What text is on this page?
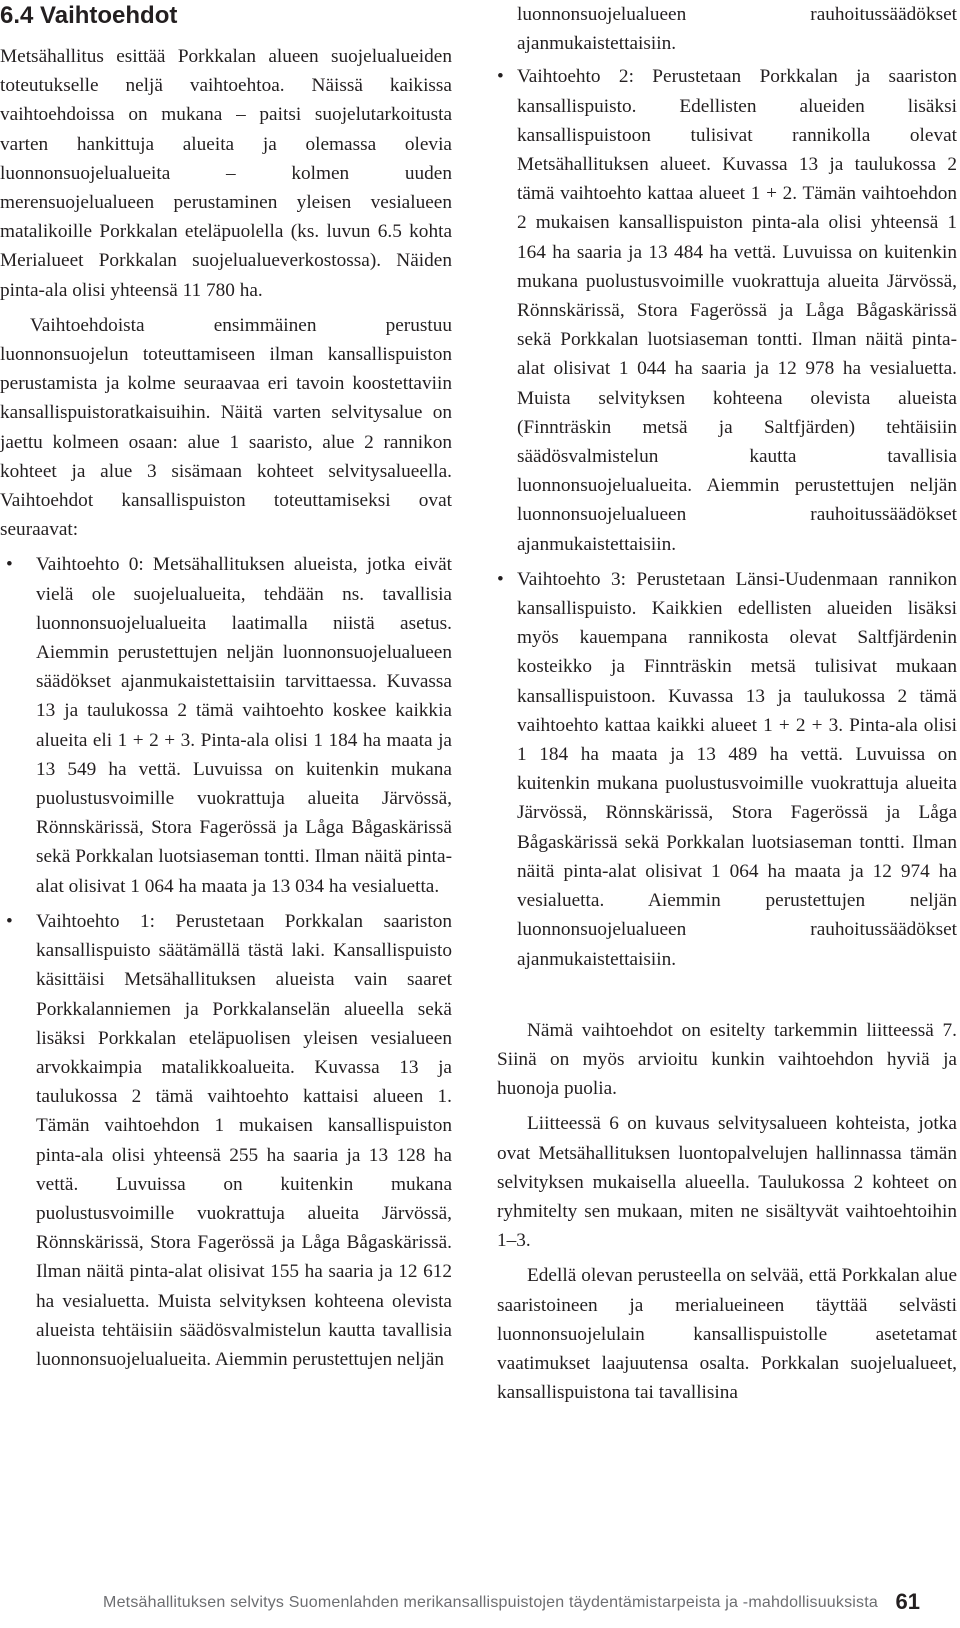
6.4 Vaihtoehdot

Metsähallitus esittää Porkkalan alueen suojelualueiden toteutukselle neljä vaihtoehtoa. Näissä kaikissa vaihtoehdoissa on mukana – paitsi suojelutarkoitusta varten hankittuja alueita ja olemassa olevia luonnonsuojelualueita – kolmen uuden merensuojelualueen perustaminen yleisen vesialueen matalikoille Porkkalan eteläpuolella (ks. luvun 6.5 kohta Merialueet Porkkalan suojelualueverkostossa). Näiden pinta-ala olisi yhteensä 11 780 ha.

Vaihtoehdoista ensimmäinen perustuu luonnonsuojelun toteuttamiseen ilman kansallispuiston perustamista ja kolme seuraavaa eri tavoin koostettaviin kansallispuistoratkaisuihin. Näitä varten selvitysalue on jaettu kolmeen osaan: alue 1 saaristo, alue 2 rannikon kohteet ja alue 3 sisämaan kohteet selvitysalueella. Vaihtoehdot kansallispuiston toteuttamiseksi ovat seuraavat:

• Vaihtoehto 0: Metsähallituksen alueista, jotka eivät vielä ole suojelualueita, tehdään ns. tavallisia luonnonsuojelualueita laatimalla niistä asetus. Aiemmin perustettujen neljän luonnonsuojelualueen säädökset ajanmukaistettaisiin tarvittaessa. Kuvassa 13 ja taulukossa 2 tämä vaihtoehto koskee kaikkia alueita eli 1 + 2 + 3. Pinta-ala olisi 1 184 ha maata ja 13 549 ha vettä. Luvuissa on kuitenkin mukana puolustusvoimille vuokrattuja alueita Järvössä, Rönnskärissä, Stora Fagerössä ja Låga Bågaskärissä sekä Porkkalan luotsiaseman tontti. Ilman näitä pinta-alat olisivat 1 064 ha maata ja 13 034 ha vesialuetta.
• Vaihtoehto 1: Perustetaan Porkkalan saariston kansallispuisto säätämällä tästä laki. Kansallispuisto käsittäisi Metsähallituksen alueista vain saaret Porkkalanniemen ja Porkkalanselän alueella sekä lisäksi Porkkalan eteläpuolisen yleisen vesialueen arvokkaimpia matalikkoalueita. Kuvassa 13 ja taulukossa 2 tämä vaihtoehto kattaisi alueen 1. Tämän vaihtoehdon 1 mukaisen kansallispuiston pinta-ala olisi yhteensä 255 ha saaria ja 13 128 ha vettä. Luvuissa on kuitenkin mukana puolustusvoimille vuokrattuja alueita Järvössä, Rönnskärissä, Stora Fagerössä ja Låga Bågaskärissä. Ilman näitä pinta-alat olisivat 155 ha saaria ja 12 612 ha vesialuetta. Muista selvityksen kohteena olevista alueista tehtäisiin säädösvalmistelun kautta tavallisia luonnonsuojelualueita. Aiemmin perustettujen neljän
luonnonsuojelualueen rauhoitussäädökset ajanmukaistettaisiin.
• Vaihtoehto 2: Perustetaan Porkkalan ja saariston kansallispuisto. Edellisten alueiden lisäksi kansallispuistoon tulisivat rannikolla olevat Metsähallituksen alueet. Kuvassa 13 ja taulukossa 2 tämä vaihtoehto kattaa alueet 1 + 2. Tämän vaihtoehdon 2 mukaisen kansallispuiston pinta-ala olisi yhteensä 1 164 ha saaria ja 13 484 ha vettä. Luvuissa on kuitenkin mukana puolustusvoimille vuokrattuja alueita Järvössä, Rönnskärissä, Stora Fagerössä ja Låga Bågaskärissä sekä Porkkalan luotsiaseman tontti. Ilman näitä pinta-alat olisivat 1 044 ha saaria ja 12 978 ha vesialuetta. Muista selvityksen kohteena olevista alueista (Finnträskin metsä ja Saltfjärden) tehtäisiin säädösvalmistelun kautta tavallisia luonnonsuojelualueita. Aiemmin perustettujen neljän luonnonsuojelualueen rauhoitussäädökset ajanmukaistettaisiin.
• Vaihtoehto 3: Perustetaan Länsi-Uudenmaan rannikon kansallispuisto. Kaikkien edellisten alueiden lisäksi myös kauempana rannikosta olevat Saltfjärdenin kosteikko ja Finnträskin metsä tulisivat mukaan kansallispuistoon. Kuvassa 13 ja taulukossa 2 tämä vaihtoehto kattaa kaikki alueet 1 + 2 + 3. Pinta-ala olisi 1 184 ha maata ja 13 489 ha vettä. Luvuissa on kuitenkin mukana puolustusvoimille vuokrattuja alueita Järvössä, Rönnskärissä, Stora Fagerössä ja Låga Bågaskärissä sekä Porkkalan luotsiaseman tontti. Ilman näitä pinta-alat olisivat 1 064 ha maata ja 12 974 ha vesialuetta. Aiemmin perustettujen neljän luonnonsuojelualueen rauhoitussäädökset ajanmukaistettaisiin.

Nämä vaihtoehdot on esitelty tarkemmin liitteessä 7. Siinä on myös arvioitu kunkin vaihtoehdon hyviä ja huonoja puolia.

Liitteessä 6 on kuvaus selvitysalueen kohteista, jotka ovat Metsähallituksen luontopalvelujen hallinnassa tämän selvityksen mukaisella alueella. Taulukossa 2 kohteet on ryhmitelty sen mukaan, miten ne sisältyvät vaihtoehtoihin 1–3.

Edellä olevan perusteella on selvää, että Porkkalan alue saaristoineen ja merialueineen täyttää selvästi luonnonsuojelulain kansallispuistolle asetetamat vaatimukset laajuutensa osalta. Porkkalan suojelualueet, kansallispuistona tai tavallisina

Metsähallituksen selvitys Suomenlahden merikansallispuistojen täydentämistarpeista ja -mahdollisuuksista 61
